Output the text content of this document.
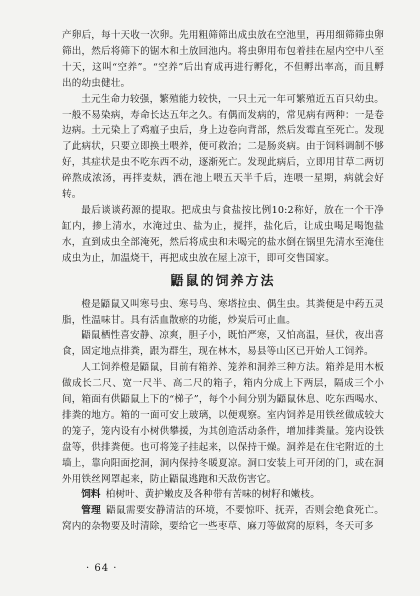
产卵后，每十天收一次卵。先用粗筛筛出成虫放在空池里，再用细筛筛虫卵筛出，然后将筛下的锯木和土放回池内。将虫卵用布包着挂在屋内空中八至十天，这叫“空养”。“空养”后出育成再进行孵化，不但孵出率高，而且孵出的幼虫健壮。

土元生命力较强，繁殖能力较快，一只土元一年可繁殖近五百只幼虫。一般不易染病，寿命长达五年之久。有偶而发病的，常见病有两种：一是卷边病。土元染上了鸡瘟子虫后，身上边卷向背部，然后发霉直至死亡。发现了此病状，只要立即换土喂养，便可救治；二是肠炎病。由于饲料调制不够好，其症状是虫不吃东西不动，逐渐死亡。发现此病后，立即用甘草二两切碎熬成浓汤，再拌麦麸，洒在池上喂五天半千后，连喂一星期，病就会好转。

最后谈谈药源的提取。把成虫与食盐按比例10:2称好，放在一个干净缸内，掺上清水，水淹过虫、盐为止，搅拌，盐化后，让成虫喝足喝饱盐水，直到成虫全部淹死，然后将成虫和未喝完的盐水倒在锅里先清水至淹住成虫为止，加温烧干，再把成虫放在屋上凉干，即可交售国家。

鼯鼠的饲养方法

橙是鼯鼠又叫寒号虫、寒号鸟、寒塔拉虫、偶生虫。其粪便是中药五灵脂，性温味甘。具有活血散瘀的功能，炒炭后可止血。

鼯鼠栖性喜安静、凉爽，胆子小，既怕严寒，又怕高温，昼伏，夜出喜食，固定地点排粪，跟为群生，现在林木，易县等山区已开始人工饲养。

人工饲养橙是鼯鼠，目前有箱养、笼养和洞养三种方法。箱养是用木板做成长二尺、宽一尺半、高二尺的箱子，箱内分成上下两层，隔成三个小间，箱面有供鼯鼠上下的“梯子”，每个小间分别为鼯鼠休息、吃东西喝水、排粪的地方。箱的一面可安上玻璃，以便观察。室内饲养是用铁丝做成较大的笼子，笼内设有小树供攀援，为其创造活动条件，增加排粪量。笼内设铁盘等，供排粪便。也可将笼子挂起来，以保持干燥。洞养是在住宅附近的土墙上，靠向阳面挖洞，洞内保持冬暖夏凉。洞口安装上可开闭的门，或在洞外用铁丝网罩起来，防止鼯鼠逃跑和天敌伤害它。

饲料  柏树叶、黄护嫩皮及各种带有苦味的树籽和嫩枝。

管理  鼯鼠需要安静清洁的环境，不要惊吓、抚弄，否则会绝食死亡。窝内的杂物要及时清除，要给它一些枣草、麻刀等做窝的原料，冬天可多

· 64 ·
